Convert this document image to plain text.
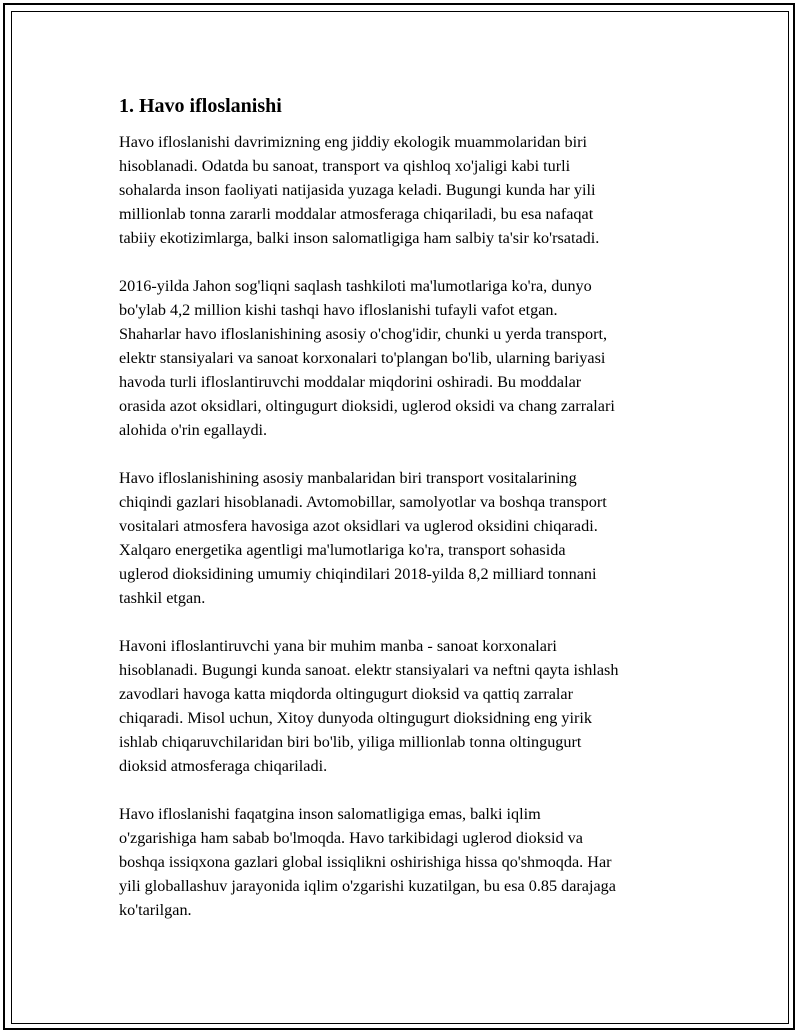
1. Havo ifloslanishi

Havo ifloslanishi davrimizning eng jiddiy ekologik muammolaridan biri
hisoblanadi. Odatda bu sanoat, transport va qishloq xo'jaligi kabi turli
sohalarda inson faoliyati natijasida yuzaga keladi. Bugungi kunda har yili
millionlab tonna zararli moddalar atmosferaga chiqariladi, bu esa nafaqat
tabiiy ekotizimlarga, balki inson salomatligiga ham salbiy ta'sir ko'rsatadi.

2016-yilda Jahon sog'liqni saqlash tashkiloti ma'lumotlariga ko'ra, dunyo
bo'ylab 4,2 million kishi tashqi havo ifloslanishi tufayli vafot etgan.
Shaharlar havo ifloslanishining asosiy o'chog'idir, chunki u yerda transport,
elektr stansiyalari va sanoat korxonalari to'plangan bo'lib, ularning bariyasi
havoda turli ifloslantiruvchi moddalar miqdorini oshiradi. Bu moddalar
orasida azot oksidlari, oltingugurt dioksidi, uglerod oksidi va chang zarralari
alohida o'rin egallaydi.

Havo ifloslanishining asosiy manbalaridan biri transport vositalarining
chiqindi gazlari hisoblanadi. Avtomobillar, samolyotlar va boshqa transport
vositalari atmosfera havosiga azot oksidlari va uglerod oksidini chiqaradi.
Xalqaro energetika agentligi ma'lumotlariga ko'ra, transport sohasida
uglerod dioksidining umumiy chiqindilari 2018-yilda 8,2 milliard tonnani
tashkil etgan.

Havoni ifloslantiruvchi yana bir muhim manba - sanoat korxonalari
hisoblanadi. Bugungi kunda sanoat. elektr stansiyalari va neftni qayta ishlash
zavodlari havoga katta miqdorda oltingugurt dioksid va qattiq zarralar
chiqaradi. Misol uchun, Xitoy dunyoda oltingugurt dioksidning eng yirik
ishlab chiqaruvchilaridan biri bo'lib, yiliga millionlab tonna oltingugurt
dioksid atmosferaga chiqariladi.

Havo ifloslanishi faqatgina inson salomatligiga emas, balki iqlim
o'zgarishiga ham sabab bo'lmoqda. Havo tarkibidagi uglerod dioksid va
boshqa issiqxona gazlari global issiqlikni oshirishiga hissa qo'shmoqda. Har
yili globallashuv jarayonida iqlim o'zgarishi kuzatilgan, bu esa 0.85 darajaga
ko'tarilgan.
